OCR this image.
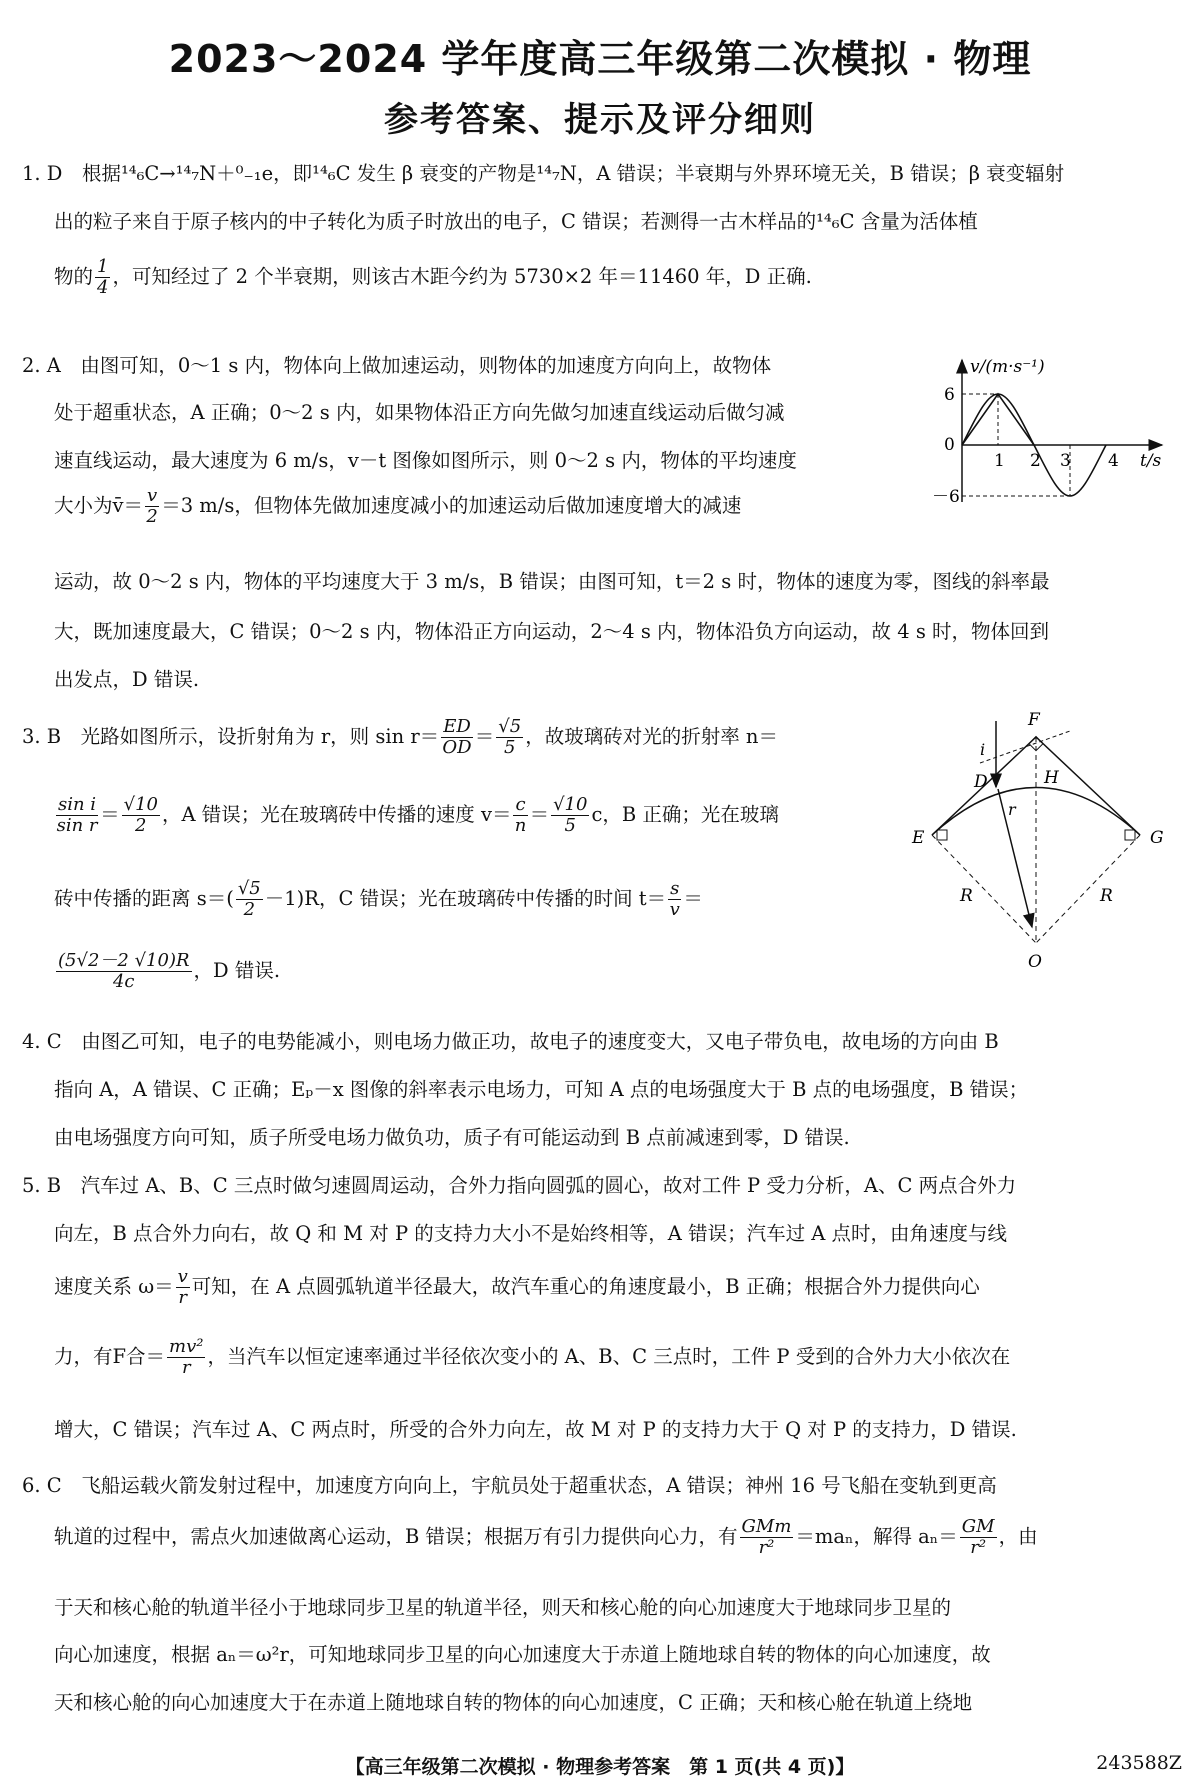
2023～2024 学年度高三年级第二次模拟 · 物理
参考答案、提示及评分细则
1. D　根据¹⁴₆C→¹⁴₇N＋⁰₋₁e，即¹⁴₆C 发生 β 衰变的产物是¹⁴₇N，A 错误；半衰期与外界环境无关，B 错误；β 衰变辐射
出的粒子来自于原子核内的中子转化为质子时放出的电子，C 错误；若测得一古木样品的¹⁴₆C 含量为活体植
物的 $\frac{1}{4}$ ，可知经过了 2 个半衰期，则该古木距今约为 5730×2 年＝11460 年，D 正确.
2. A　由图可知，0～1 s 内，物体向上做加速运动，则物体的加速度方向向上，故物体
处于超重状态，A 正确；0～2 s 内，如果物体沿正方向先做匀加速直线运动后做匀减
速直线运动，最大速度为 6 m/s，v－t 图像如图所示，则 0～2 s 内，物体的平均速度
大小为v̄＝ $\frac{v}{2} =3$ m/s，但物体先做加速度减小的加速运动后做加速度增大的减速
运动，故 0～2 s 内，物体的平均速度大于 3 m/s，B 错误；由图可知，t＝2 s 时，物体的速度为零，图线的斜率最
大，既加速度最大，C 错误；0～2 s 内，物体沿正方向运动，2～4 s 内，物体沿负方向运动，故 4 s 时，物体回到
出发点，D 错误.
v/(m·s⁻¹)
t/s
6
0
－6
1 2 3 4
3. B　光路如图所示，设折射角为 r，则 $\sin r= \frac{ED}{OD} = \frac{√5}{5}$ ，故玻璃砖对光的折射率 n＝
$\frac{\text{sin i}}{\text{sin r}} = \frac{√10}{2}$ ，A 错误；光在玻璃砖中传播的速度 $v= \frac{c}{n} = \frac{√10}{5}$ c，B 正确；光在玻璃
砖中传播的距离 $s=( \frac{√5}{2} -1)R$，C 错误；光在玻璃砖中传播的时间 $t= \frac{s}{v}$ ＝
$\frac{(5√2-2 √10)R}{4c}$ ，D 错误.
F
i
D	H
r
E	G
R	R
O
4. C　由图乙可知，电子的电势能减小，则电场力做正功，故电子的速度变大，又电子带负电，故电场的方向由 B
指向 A，A 错误、C 正确；Eₚ－x 图像的斜率表示电场力，可知 A 点的电场强度大于 B 点的电场强度，B 错误；
由电场强度方向可知，质子所受电场力做负功，质子有可能运动到 B 点前减速到零，D 错误.
5. B　汽车过 A、B、C 三点时做匀速圆周运动，合外力指向圆弧的圆心，故对工件 P 受力分析，A、C 两点合外力
向左，B 点合外力向右，故 Q 和 M 对 P 的支持力大小不是始终相等，A 错误；汽车过 A 点时，由角速度与线
速度关系 $\omega= \frac{v}{r}$ 可知，在 A 点圆弧轨道半径最大，故汽车重心的角速度最小，B 正确；根据合外力提供向心
力，有F合＝ $\frac{\text{mv²}}{r}$ ，当汽车以恒定速率通过半径依次变小的 A、B、C 三点时，工件 P 受到的合外力大小依次在
增大，C 错误；汽车过 A、C 两点时，所受的合外力向左，故 M 对 P 的支持力大于 Q 对 P 的支持力，D 错误.
6. C　飞船运载火箭发射过程中，加速度方向向上，宇航员处于超重状态，A 错误；神州 16 号飞船在变轨到更高
轨道的过程中，需点火加速做离心运动，B 错误；根据万有引力提供向心力，有 $\frac{\text{GMm}}{\text{r²}} =ma_n$，解得 $a_n= \frac{GM}{\text{r²}}$ ，由
于天和核心舱的轨道半径小于地球同步卫星的轨道半径，则天和核心舱的向心加速度大于地球同步卫星的
向心加速度，根据 aₙ＝ω²r，可知地球同步卫星的向心加速度大于赤道上随地球自转的物体的向心加速度，故
天和核心舱的向心加速度大于在赤道上随地球自转的物体的向心加速度，C 正确；天和核心舱在轨道上绕地
【高三年级第二次模拟 · 物理参考答案　第 1 页(共 4 页)】	243588Z
